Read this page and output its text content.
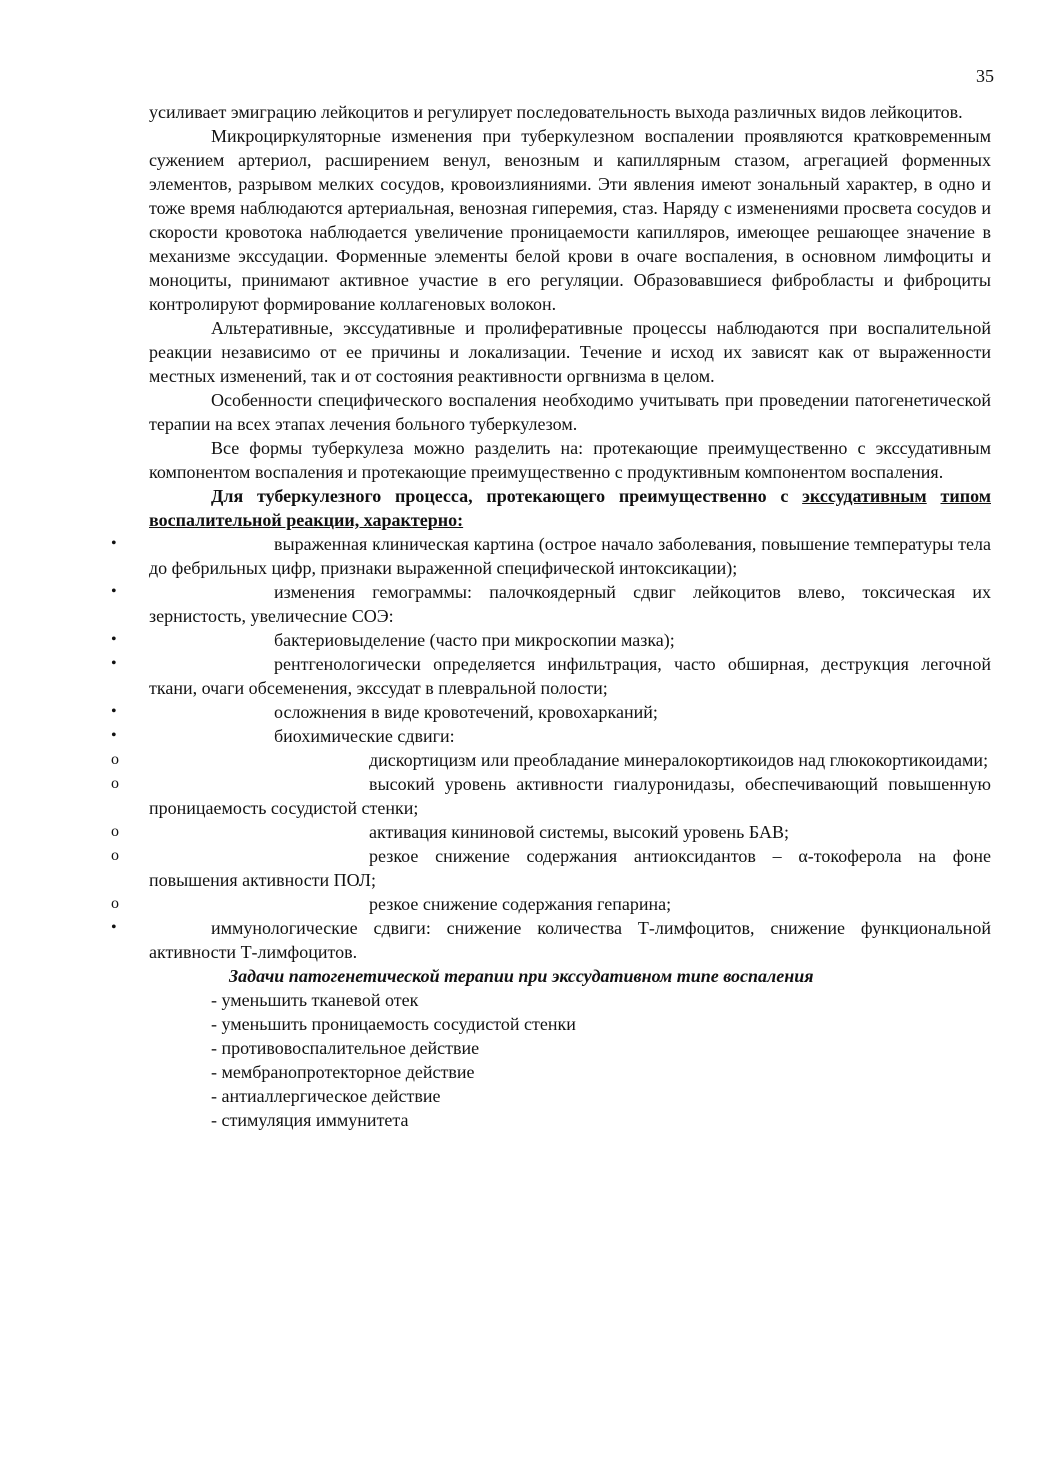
35

усиливает эмиграцию лейкоцитов и регулирует последовательность выхода различных видов лейкоцитов.

Микроциркуляторные изменения при туберкулезном воспалении проявляются кратковременным сужением артериол, расширением венул, венозным и капиллярным стазом, агрегацией форменных элементов, разрывом мелких сосудов, кровоизлияниями. Эти явления имеют зональный характер, в одно и тоже время наблюдаются артериальная, венозная гиперемия, стаз. Наряду с изменениями просвета сосудов и скорости кровотока наблюдается увеличение проницаемости капилляров, имеющее решающее значение в механизме экссудации. Форменные элементы белой крови в очаге воспаления, в основном лимфоциты и моноциты, принимают активное участие в его регуляции. Образовавшиеся фибробласты и фиброциты контролируют формирование коллагеновых волокон.

Альтеративные, экссудативные и пролиферативные процессы наблюдаются при воспалительной реакции независимо от ее причины и локализации. Течение и исход их зависят как от выраженности местных изменений, так и от состояния реактивности оргвнизма в целом.

Особенности специфического воспаления необходимо учитывать при проведении патогенетической терапии на всех этапах лечения больного туберкулезом.

Все формы туберкулеза можно разделить на: протекающие преимущественно с экссудативным компонентом воспаления и протекающие преимущественно с продуктивным компонентом воспаления.

Для туберкулезного процесса, протекающего преимущественно с экссудативным типом воспалительной реакции, характерно:

•	выраженная клиническая картина (острое начало заболевания, повышение температуры тела до фебрильных цифр, признаки выраженной специфической интоксикации);

•	изменения гемограммы: палочкоядерный сдвиг лейкоцитов влево, токсическая их зернистость, увеличесние СОЭ:

•	бактериовыделение (часто при микроскопии мазка);

•	рентгенологически определяется инфильтрация, часто обширная, деструкция легочной ткани, очаги обсеменения, экссудат в плевральной полости;

•	осложнения в виде кровотечений, кровохарканий;

•	биохимические сдвиги:

o	дискортицизм или преобладание минералокортикоидов над глюкокортикоидами;

o	высокий уровень активности гиалуронидазы, обеспечивающий повышенную проницаемость сосудистой стенки;

o	активация кининовой системы, высокий уровень БАВ;

o	резкое снижение содержания антиоксидантов – α-токоферола на фоне повышения активности ПОЛ;

o	резкое снижение содержания гепарина;

•	иммунологические сдвиги: снижение количества Т-лимфоцитов, снижение функциональной активности Т-лимфоцитов.

Задачи патогенетической терапии при экссудативном типе воспаления

- уменьшить тканевой отек

- уменьшить проницаемость сосудистой стенки

- противовоспалительное действие

- мембранопротекторное действие

- антиаллергическое действие

- стимуляция иммунитета
